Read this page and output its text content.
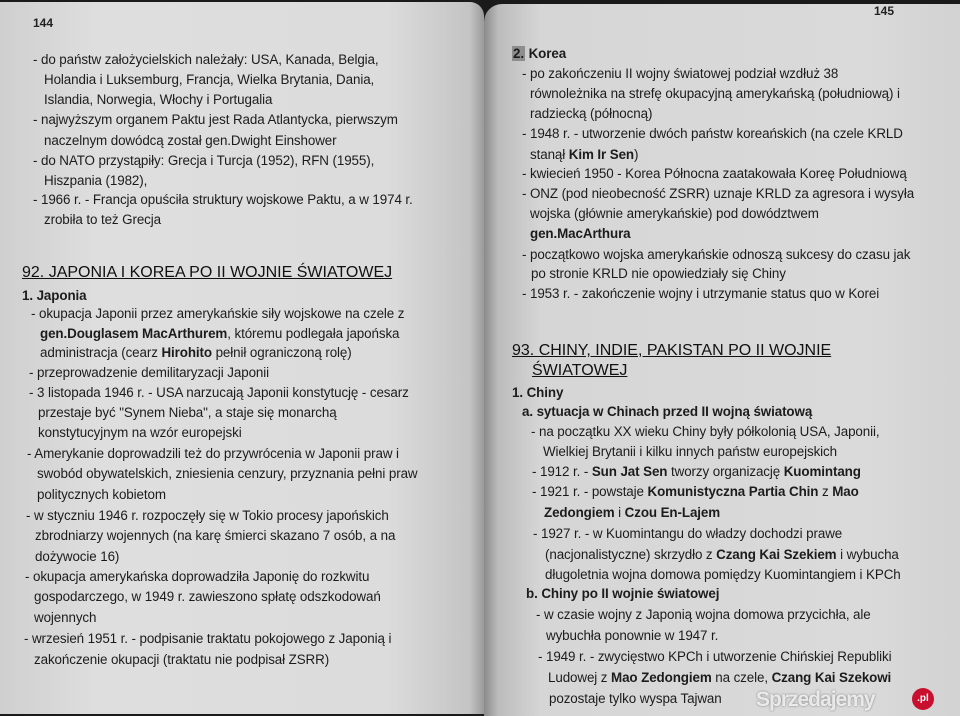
144
- do państw założycielskich należały: USA, Kanada, Belgia,
Holandia i Luksemburg, Francja, Wielka Brytania, Dania,
Islandia, Norwegia, Włochy i Portugalia
- najwyższym organem Paktu jest Rada Atlantycka, pierwszym
naczelnym dowódcą został gen.Dwight Einshower
- do NATO przystąpiły: Grecja i Turcja (1952), RFN (1955),
Hiszpania (1982),
- 1966 r. - Francja opuściła struktury wojskowe Paktu, a w 1974 r.
zrobiła to też Grecja
92. JAPONIA I KOREA PO II WOJNIE ŚWIATOWEJ
1. Japonia
- okupacja Japonii przez amerykańskie siły wojskowe na czele z
gen.Douglasem MacArthurem, któremu podlegała japońska
administracja (cearz Hirohito pełnił ograniczoną rolę)
- przeprowadzenie demilitaryzacji Japonii
- 3 listopada 1946 r. - USA narzucają Japonii konstytucję - cesarz
przestaje być "Synem Nieba", a staje się monarchą
konstytucyjnym na wzór europejski
- Amerykanie doprowadzili też do przywrócenia w Japonii praw i
swobód obywatelskich, zniesienia cenzury, przyznania pełni praw
politycznych kobietom
- w styczniu 1946 r. rozpoczęły się w Tokio procesy japońskich
zbrodniarzy wojennych (na karę śmierci skazano 7 osób, a na
dożywocie 16)
- okupacja amerykańska doprowadziła Japonię do rozkwitu
gospodarczego, w 1949 r. zawieszono spłatę odszkodowań
wojennych
- wrzesień 1951 r. - podpisanie traktatu pokojowego z Japonią i
zakończenie okupacji (traktatu nie podpisał ZSRR)
145
2. Korea
- po zakończeniu II wojny światowej podział wzdłuż 38
równoleżnika na strefę okupacyjną amerykańską (południową) i
radziecką (północną)
- 1948 r. - utworzenie dwóch państw koreańskich (na czele KRLD
stanął Kim Ir Sen)
- kwiecień 1950 - Korea Północna zaatakowała Koreę Południową
- ONZ (pod nieobecność ZSRR) uznaje KRLD za agresora i wysyła
wojska (głównie amerykańskie) pod dowództwem
gen.MacArthura
- początkowo wojska amerykańskie odnoszą sukcesy do czasu jak
po stronie KRLD nie opowiedziały się Chiny
- 1953 r. - zakończenie wojny i utrzymanie status quo w Korei
93. CHINY, INDIE, PAKISTAN PO II WOJNIE
ŚWIATOWEJ
1. Chiny
a. sytuacja w Chinach przed II wojną światową
- na początku XX wieku Chiny były półkolonią USA, Japonii,
Wielkiej Brytanii i kilku innych państw europejskich
- 1912 r. - Sun Jat Sen tworzy organizację Kuomintang
- 1921 r. - powstaje Komunistyczna Partia Chin z Mao
Zedongiem i Czou En-Lajem
- 1927 r. - w Kuomintangu do władzy dochodzi prawe
(nacjonalistyczne) skrzydło z Czang Kai Szekiem i wybucha
długoletnia wojna domowa pomiędzy Kuomintangiem i KPCh
b. Chiny po II wojnie światowej
- w czasie wojny z Japonią wojna domowa przycichła, ale
wybuchła ponownie w 1947 r.
- 1949 r. - zwycięstwo KPCh i utworzenie Chińskiej Republiki
Ludowej z Mao Zedongiem na czele, Czang Kai Szekowi
pozostaje tylko wyspa Tajwan Sprzedajemy	.pl
